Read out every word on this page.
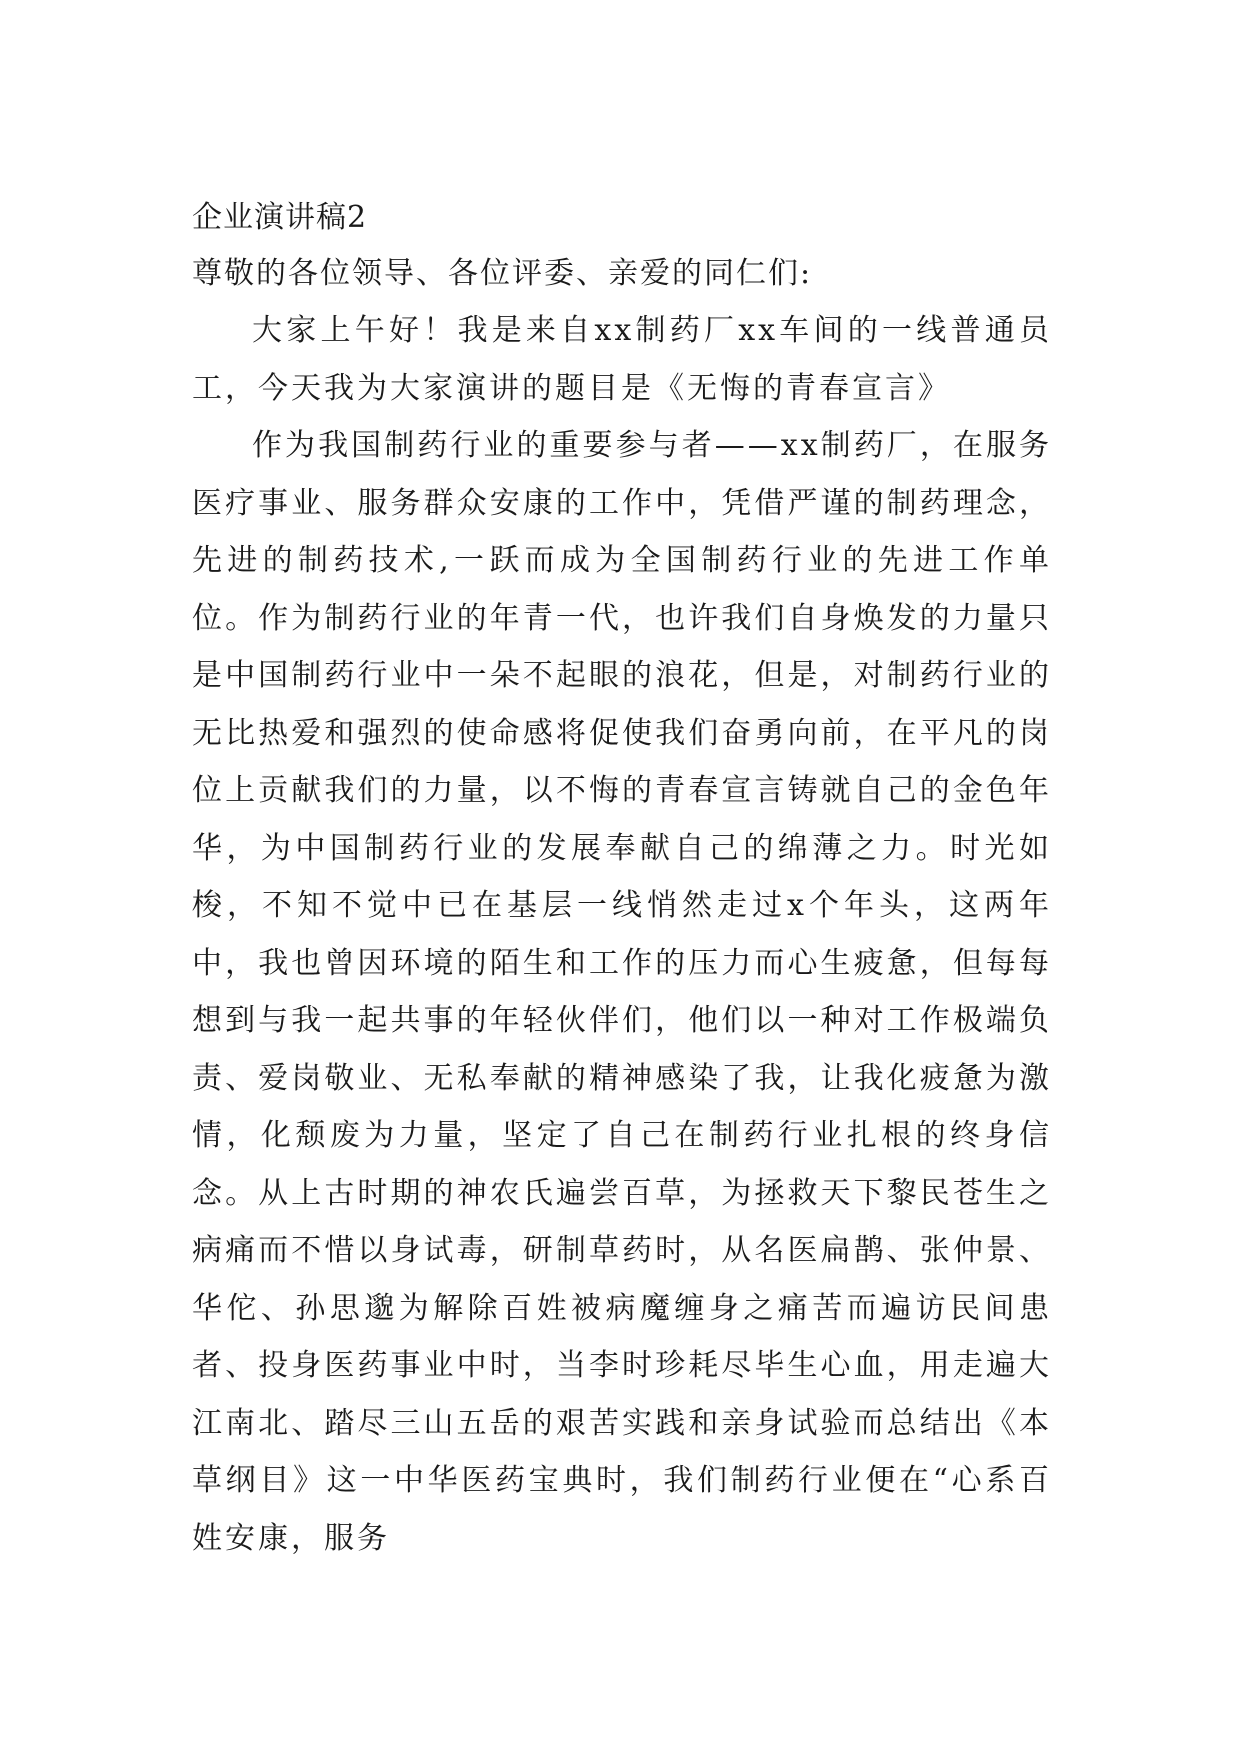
企业演讲稿2

尊敬的各位领导、各位评委、亲爱的同仁们:

大家上午好！我是来自xx制药厂xx车间的一线普通员工，今天我为大家演讲的题目是《无悔的青春宣言》

作为我国制药行业的重要参与者——xx制药厂，在服务医疗事业、服务群众安康的工作中，凭借严谨的制药理念，先进的制药技术,一跃而成为全国制药行业的先进工作单位。作为制药行业的年青一代，也许我们自身焕发的力量只是中国制药行业中一朵不起眼的浪花，但是，对制药行业的无比热爱和强烈的使命感将促使我们奋勇向前，在平凡的岗位上贡献我们的力量，以不悔的青春宣言铸就自己的金色年华，为中国制药行业的发展奉献自己的绵薄之力。时光如梭，不知不觉中已在基层一线悄然走过x个年头，这两年中，我也曾因环境的陌生和工作的压力而心生疲惫，但每每想到与我一起共事的年轻伙伴们，他们以一种对工作极端负责、爱岗敬业、无私奉献的精神感染了我，让我化疲惫为激情，化颓废为力量，坚定了自己在制药行业扎根的终身信念。从上古时期的神农氏遍尝百草，为拯救天下黎民苍生之病痛而不惜以身试毒，研制草药时，从名医扁鹊、张仲景、华佗、孙思邈为解除百姓被病魔缠身之痛苦而遍访民间患者、投身医药事业中时，当李时珍耗尽毕生心血，用走遍大江南北、踏尽三山五岳的艰苦实践和亲身试验而总结出《本草纲目》这一中华医药宝典时，我们制药行业便在“心系百姓安康，服务
